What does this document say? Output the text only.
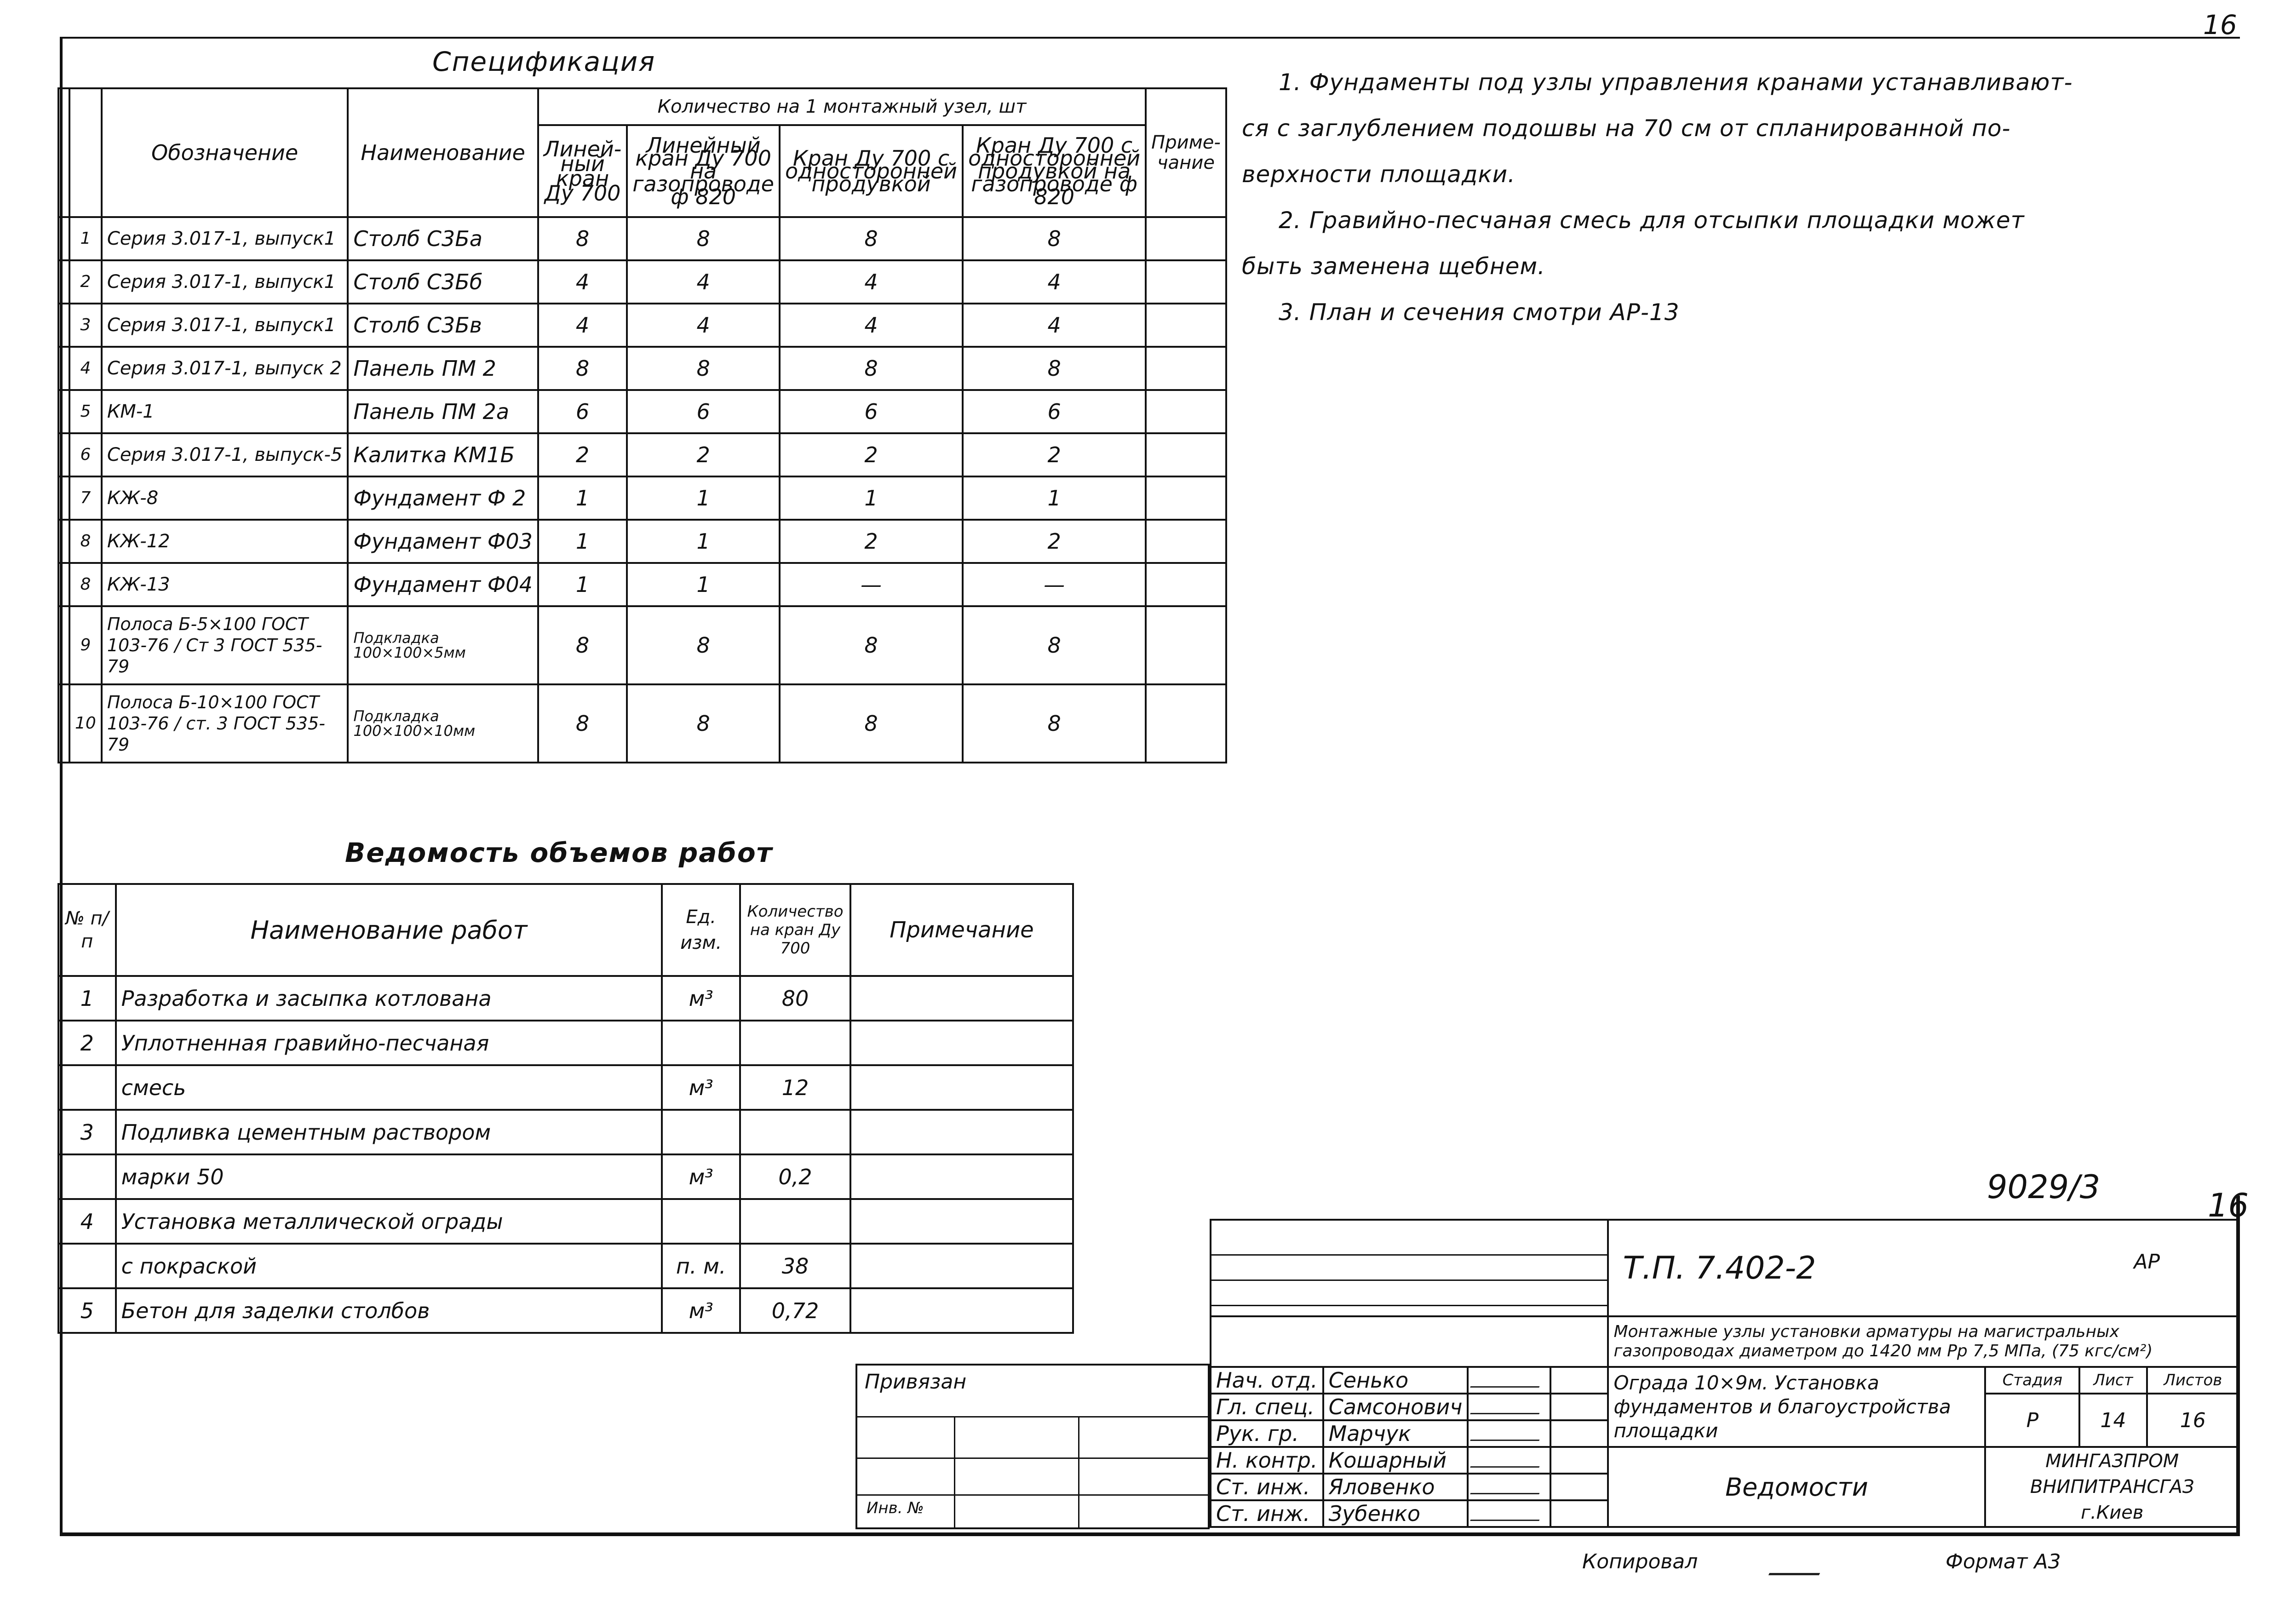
16
Спецификация
		Обозначение	Наименование	Количество на 1 монтажный узел, шт				Приме-чание
				Линей-ный кран Ду 700	Линейный кран Ду 700 на газопроводе ф 820	Кран Ду 700 с односторонней продувкой	Кран Ду 700 с односторонней продувкой на газопроводе ф 820	
	1	Серия 3.017-1, выпуск1	Столб С3Ба	8	8	8	8	
	2	Серия 3.017-1, выпуск1	Столб С3Бб	4	4	4	4	
	3	Серия 3.017-1, выпуск1	Столб С3Бв	4	4	4	4	
	4	Серия 3.017-1, выпуск 2	Панель ПМ 2	8	8	8	8	
	5	КМ-1	Панель ПМ 2а	6	6	6	6	
	6	Серия 3.017-1, выпуск-5	Калитка КМ1Б	2	2	2	2	
	7	КЖ-8	Фундамент Ф 2	1	1	1	1	
	8	КЖ-12	Фундамент Ф03	1	1	2	2	
	8	КЖ-13	Фундамент Ф04	1	1	—	—	
	9	Полоса Б-5×100 ГОСТ 103-76 / Ст 3 ГОСТ 535-79	Подкладка 100×100×5мм	8	8	8	8	
	10	Полоса Б-10×100 ГОСТ 103-76 / ст. 3 ГОСТ 535-79	Подкладка 100×100×10мм	8	8	8	8	
1. Фундаменты под узлы управления кранами устанавливают-
ся с заглублением подошвы на 70 см от спланированной по-
верхности площадки.
2. Гравийно-песчаная смесь для отсыпки площадки может
быть заменена щебнем.
3. План и сечения смотри АР-13
Ведомость объемов работ
№ п/п	Наименование работ	Ед. изм.	Количество на кран Ду 700	Примечание
1	Разработка и засыпка котлована	м³	80	
2	Уплотненная гравийно-песчаная			
	смесь	м³	12	
3	Подливка цементным раствором			
	марки 50	м³	0,2	
4	Установка металлической ограды			
	с покраской	п. м.	38	
5	Бетон для заделки столбов	м³	0,72	
9029/3	16
				Т.П. 7.402-2 АР			

				Монтажные узлы установки арматуры на магистральных газопроводах диаметром до 1420 мм Рр 7,5 МПа, (75 кгс/см²)			
Нач. отд.	Сенько			Ограда 10×9м. Установка фундаментов и благоустройства площадки	Стадия	Лист	Листов
Гл. спец.	Самсонович				Р	14	16
Рук. гр.	Марчук						
Н. контр.	Кошарный			Ведомости	МИНГАЗПРОМ
ВНИПИТРАНСГАЗ
г.Киев		

Ст. инж.	Яловенко						
Ст. инж.	Зубенко						
Привязан
Инв. №
Копировал	Формат А3
